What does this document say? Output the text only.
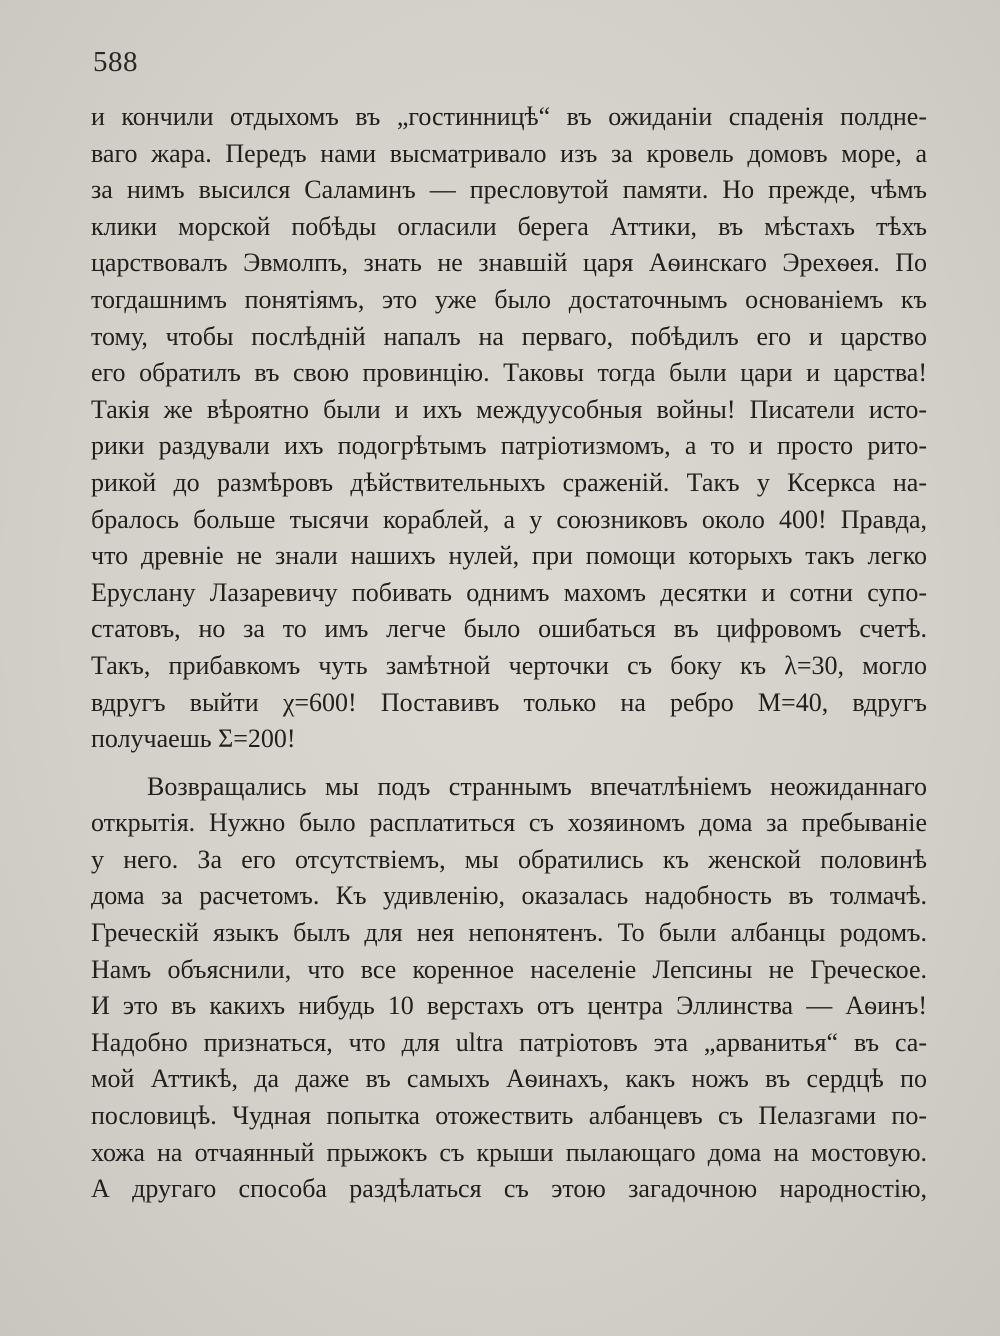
588
и кончили отдыхомъ въ „гостинницѣ“ въ ожиданіи спаденія полдне-
ваго жара. Передъ нами высматривало изъ за кровель домовъ море, а
за нимъ высился Саламинъ — пресловутой памяти. Но прежде, чѣмъ
клики морской побѣды огласили берега Аттики, въ мѣстахъ тѣхъ
царствовалъ Эвмолпъ, знать не знавшій царя Аѳинскаго Эрехѳея. По
тогдашнимъ понятіямъ, это уже было достаточнымъ основаніемъ къ
тому, чтобы послѣдній напалъ на перваго, побѣдилъ его и царство
его обратилъ въ свою провинцію. Таковы тогда были цари и царства!
Такія же вѣроятно были и ихъ междуусобныя войны! Писатели исто-
рики раздували ихъ подогрѣтымъ патріотизмомъ, а то и просто рито-
рикой до размѣровъ дѣйствительныхъ сраженій. Такъ у Ксеркса на-
бралось больше тысячи кораблей, а у союзниковъ около 400! Правда,
что древніе не знали нашихъ нулей, при помощи которыхъ такъ легко
Еруслану Лазаревичу побивать однимъ махомъ десятки и сотни супо-
статовъ, но за то имъ легче было ошибаться въ цифровомъ счетѣ.
Такъ, прибавкомъ чуть замѣтной черточки съ боку къ λ=30, могло
вдругъ выйти χ=600! Поставивъ только на ребро M=40, вдругъ
получаешь Σ=200!
Возвращались мы подъ страннымъ впечатлѣніемъ неожиданнаго
открытія. Нужно было расплатиться съ хозяиномъ дома за пребываніе
у него. За его отсутствіемъ, мы обратились къ женской половинѣ
дома за расчетомъ. Къ удивленію, оказалась надобность въ толмачѣ.
Греческій языкъ былъ для нея непонятенъ. То были албанцы родомъ.
Намъ объяснили, что все коренное населеніе Лепсины не Греческое.
И это въ какихъ нибудь 10 верстахъ отъ центра Эллинства — Аѳинъ!
Надобно признаться, что для ultra патріотовъ эта „арванитья“ въ са-
мой Аттикѣ, да даже въ самыхъ Аѳинахъ, какъ ножъ въ сердцѣ по
пословицѣ. Чудная попытка отожествить албанцевъ съ Пелазгами по-
хожа на отчаянный прыжокъ съ крыши пылающаго дома на мостовую.
А другаго способа раздѣлаться съ этою загадочною народностію,
